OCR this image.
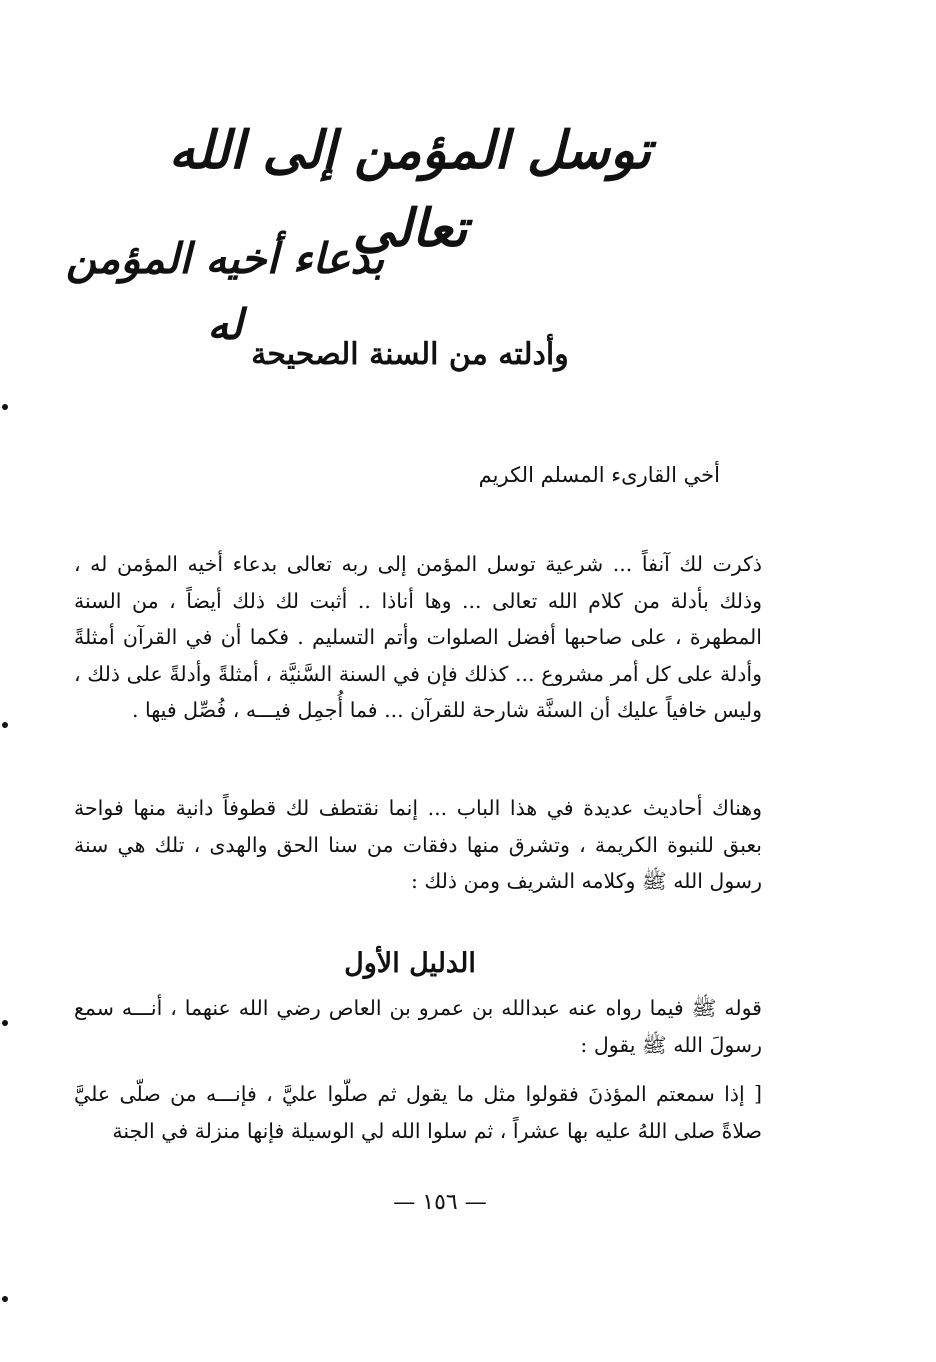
توسل المؤمن إلى الله تعالى
بدعاء أخيه المؤمن له
وأدلته من السنة الصحيحة
أخي القارىء المسلم الكريم
ذكرت لك آنفاً ... شرعية توسل المؤمن إلى ربه تعالى بدعاء أخيه المؤمن له ، وذلك بأدلة من كلام الله تعالى ... وها أناذا .. أثبت لك ذلك أيضاً ، من السنة المطهرة ، على صاحبها أفضل الصلوات وأتم التسليم . فكما أن في القرآن أمثلةً وأدلة على كل أمر مشروع ... كذلك فإن في السنة السَّنيَّة ، أمثلةً وأدلةً على ذلك ، وليس خافياً عليك أن السنَّة شارحة للقرآن ... فما أُجمِل فيـــه ، فُصِّل فيها .
وهناك أحاديث عديدة في هذا الباب ... إنما نقتطف لك قطوفاً دانية منها فواحة بعبق للنبوة الكريمة ، وتشرق منها دفقات من سنا الحق والهدى ، تلك هي سنة رسول الله ﷺ وكلامه الشريف ومن ذلك :
الدليل الأول
قوله ﷺ فيما رواه عنه عبدالله بن عمرو بن العاص رضي الله عنهما ، أنـــه سمع رسولَ الله ﷺ يقول :
[ إذا سمعتم المؤذنَ فقولوا مثل ما يقول ثم صلّوا عليَّ ، فإنـــه من صلّى عليَّ صلاةً صلى اللهُ عليه بها عشراً ، ثم سلوا الله لي الوسيلة فإنها منزلة في الجنة
— ١٥٦ —
